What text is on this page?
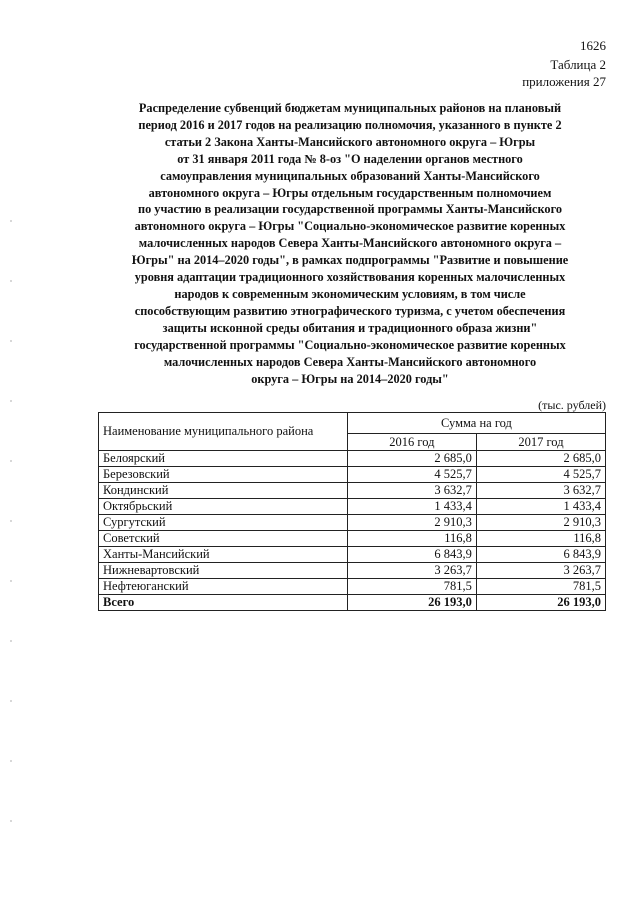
1626
Таблица 2
приложения 27
Распределение субвенций бюджетам муниципальных районов на плановый
период 2016 и 2017 годов на реализацию полномочия, указанного в пункте 2
статьи 2 Закона Ханты-Мансийского автономного округа – Югры
от 31 января 2011 года № 8-оз "О наделении органов местного
самоуправления муниципальных образований Ханты-Мансийского
автономного округа – Югры отдельным государственным полномочием
по участию в реализации государственной программы Ханты-Мансийского
автономного округа – Югры "Социально-экономическое развитие коренных
малочисленных народов Севера Ханты-Мансийского автономного округа –
Югры" на 2014–2020 годы", в рамках подпрограммы "Развитие и повышение
уровня адаптации традиционного хозяйствования коренных малочисленных
народов к современным экономическим условиям, в том числе
способствующим развитию этнографического туризма, с учетом обеспечения
защиты исконной среды обитания и традиционного образа жизни"
государственной программы "Социально-экономическое развитие коренных
малочисленных народов Севера Ханты-Мансийского автономного
округа – Югры на 2014–2020 годы"
(тыс. рублей)
Наименование муниципального района	Сумма на год	
	2016 год	2017 год
Белоярский	2 685,0	2 685,0
Березовский	4 525,7	4 525,7
Кондинский	3 632,7	3 632,7
Октябрьский	1 433,4	1 433,4
Сургутский	2 910,3	2 910,3
Советский	116,8	116,8
Ханты-Мансийский	6 843,9	6 843,9
Нижневартовский	3 263,7	3 263,7
Нефтеюганский	781,5	781,5
Всего	26 193,0	26 193,0
